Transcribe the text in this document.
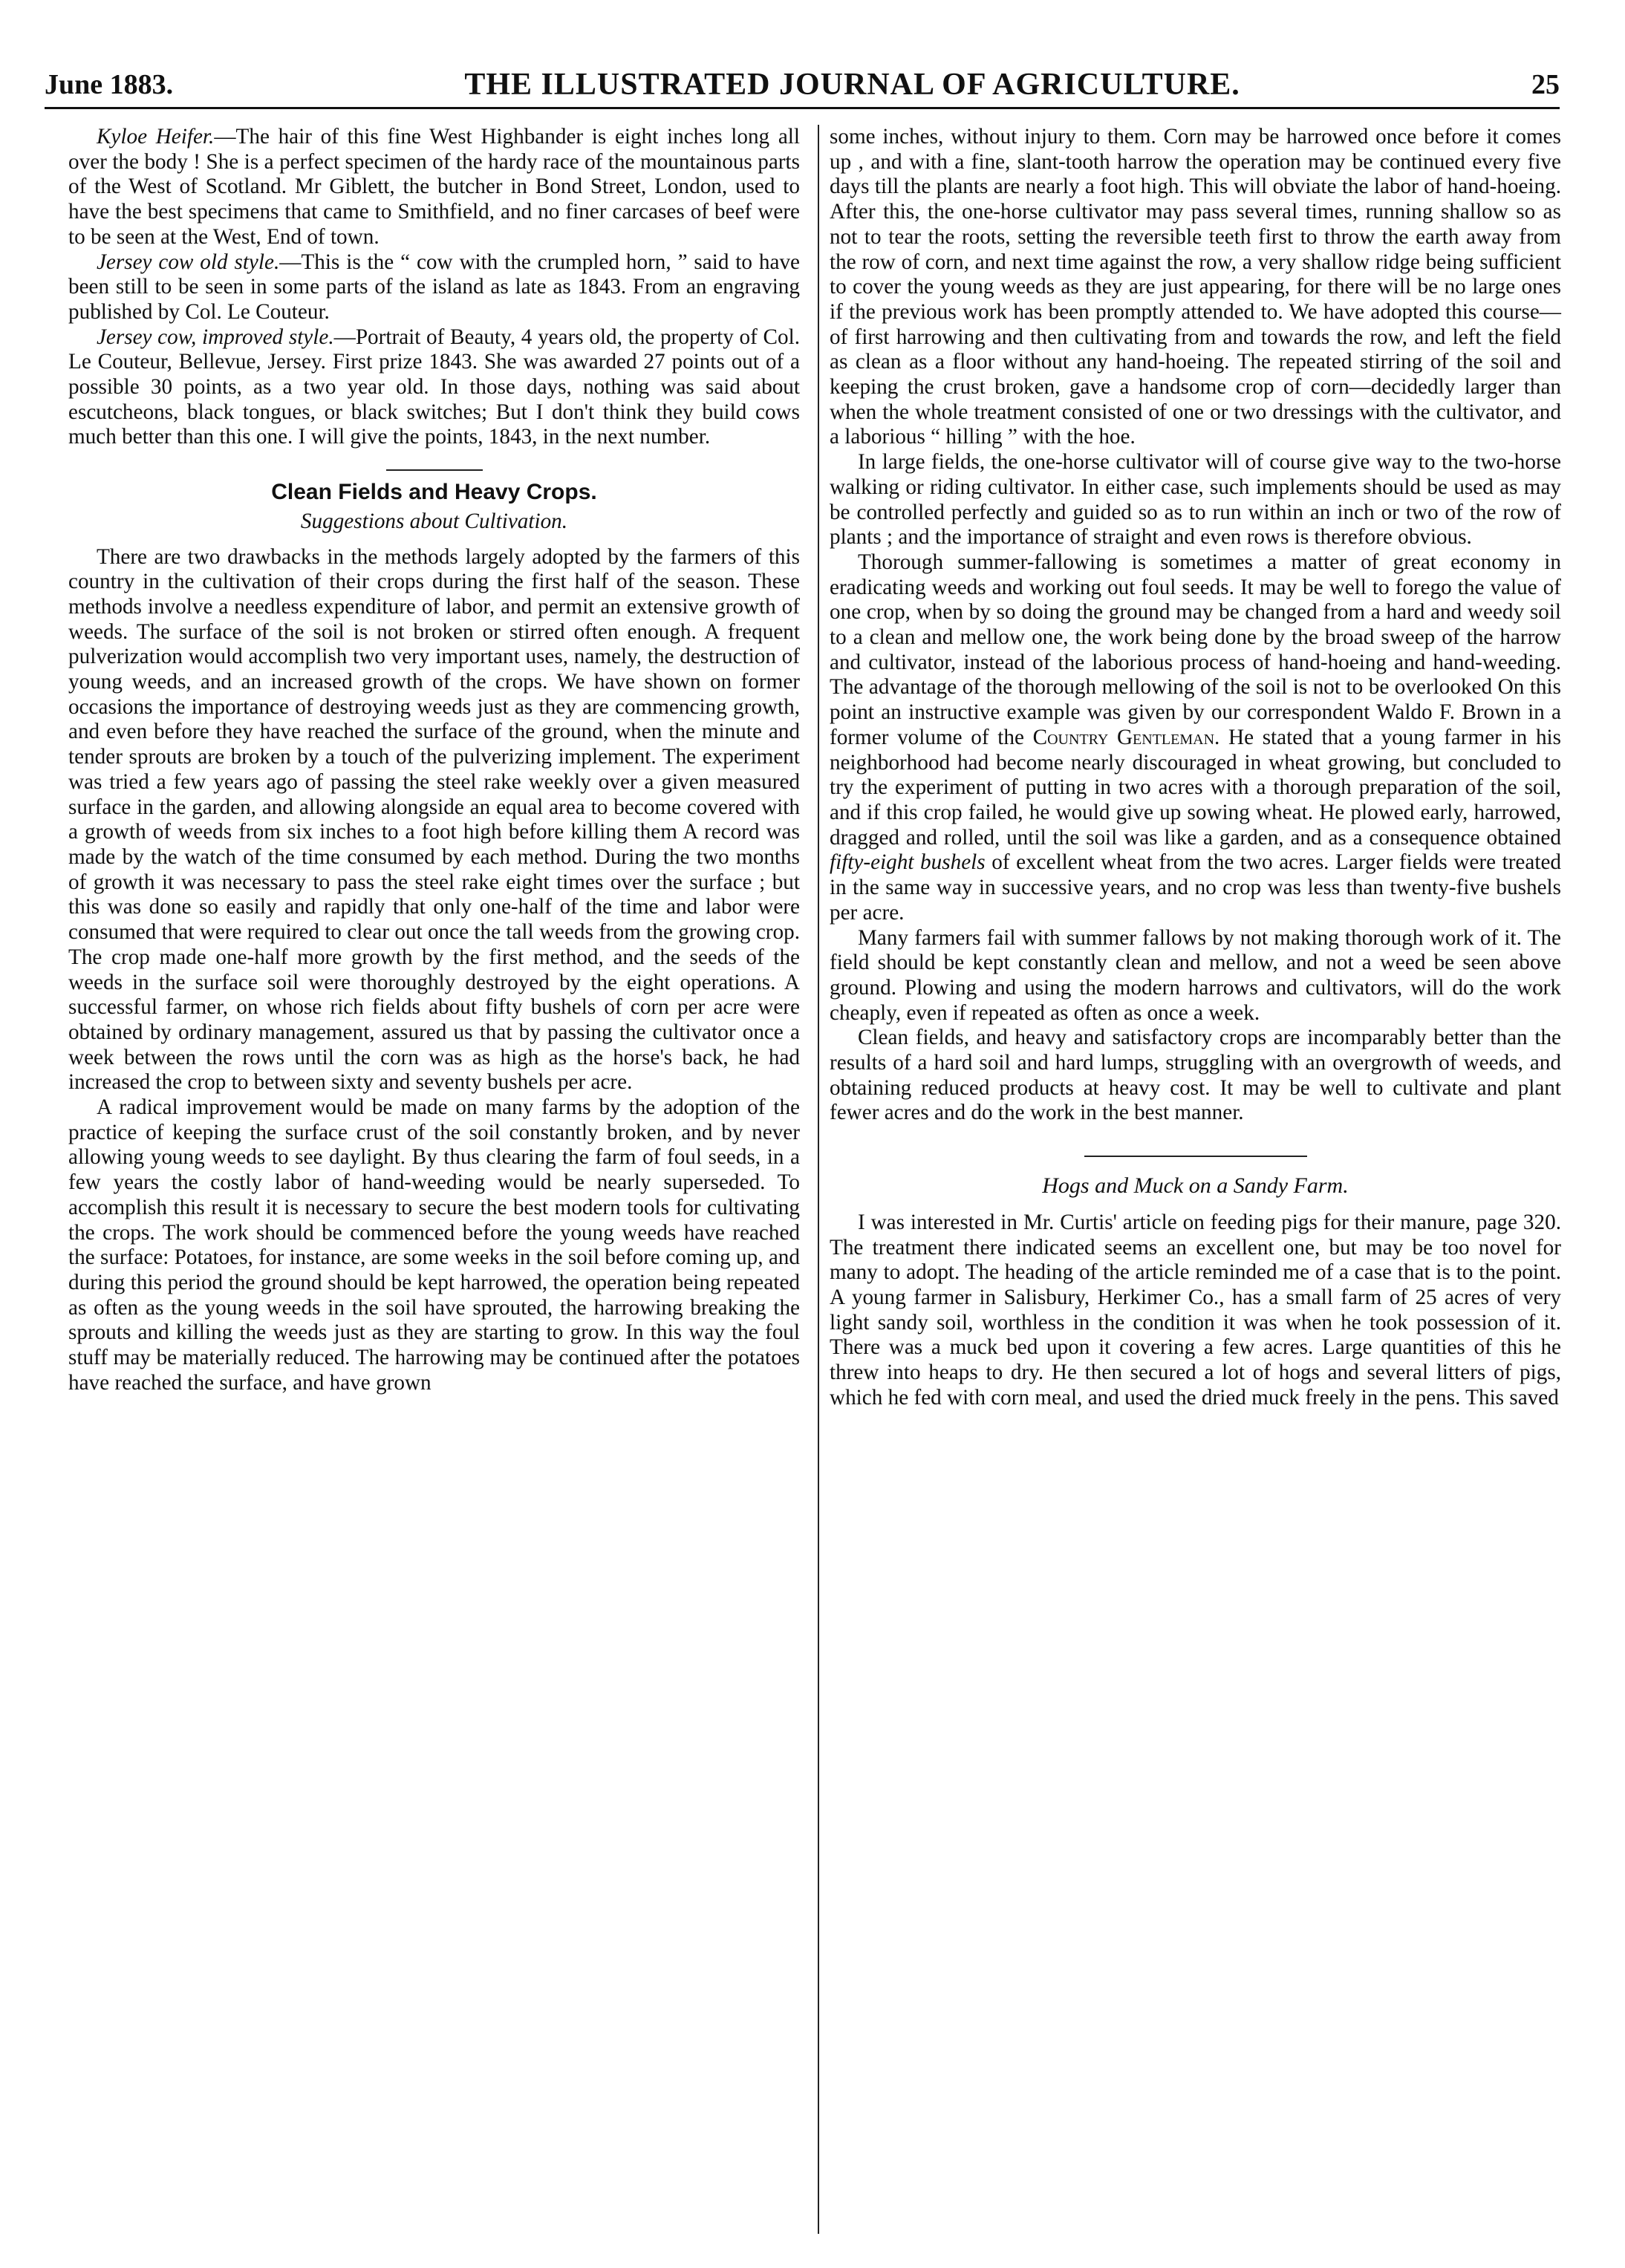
June 1883.	THE ILLUSTRATED JOURNAL OF AGRICULTURE.	25

Kyloe Heifer.—The hair of this fine West Highbander is eight inches long all over the body ! She is a perfect specimen of the hardy race of the mountainous parts of the West of Scotland. Mr Giblett, the butcher in Bond Street, London, used to have the best specimens that came to Smithfield, and no finer carcases of beef were to be seen at the West, End of town.

Jersey cow old style.—This is the “ cow with the crumpled horn, ” said to have been still to be seen in some parts of the island as late as 1843. From an engraving published by Col. Le Couteur.

Jersey cow, improved style.—Portrait of Beauty, 4 years old, the property of Col. Le Couteur, Bellevue, Jersey. First prize 1843. She was awarded 27 points out of a possible 30 points, as a two year old. In those days, nothing was said about escutcheons, black tongues, or black switches; But I don't think they build cows much better than this one. I will give the points, 1843, in the next number.

Clean Fields and Heavy Crops.
Suggestions about Cultivation.

There are two drawbacks in the methods largely adopted by the farmers of this country in the cultivation of their crops during the first half of the season. These methods involve a needless expenditure of labor, and permit an extensive growth of weeds. The surface of the soil is not broken or stirred often enough. A frequent pulverization would accomplish two very important uses, namely, the destruction of young weeds, and an increased growth of the crops. We have shown on former occasions the importance of destroying weeds just as they are commencing growth, and even before they have reached the surface of the ground, when the minute and tender sprouts are broken by a touch of the pulverizing implement. The experiment was tried a few years ago of passing the steel rake weekly over a given measured surface in the garden, and allowing alongside an equal area to become covered with a growth of weeds from six inches to a foot high before killing them A record was made by the watch of the time consumed by each method. During the two months of growth it was necessary to pass the steel rake eight times over the surface ; but this was done so easily and rapidly that only one-half of the time and labor were consumed that were required to clear out once the tall weeds from the growing crop. The crop made one-half more growth by the first method, and the seeds of the weeds in the surface soil were thoroughly destroyed by the eight operations. A successful farmer, on whose rich fields about fifty bushels of corn per acre were obtained by ordinary management, assured us that by passing the cultivator once a week between the rows until the corn was as high as the horse's back, he had increased the crop to between sixty and seventy bushels per acre.

A radical improvement would be made on many farms by the adoption of the practice of keeping the surface crust of the soil constantly broken, and by never allowing young weeds to see daylight. By thus clearing the farm of foul seeds, in a few years the costly labor of hand-weeding would be nearly superseded. To accomplish this result it is necessary to secure the best modern tools for cultivating the crops. The work should be commenced before the young weeds have reached the surface: Potatoes, for instance, are some weeks in the soil before coming up, and during this period the ground should be kept harrowed, the operation being repeated as often as the young weeds in the soil have sprouted, the harrowing breaking the sprouts and killing the weeds just as they are starting to grow. In this way the foul stuff may be materially reduced. The harrowing may be continued after the potatoes have reached the surface, and have grown

some inches, without injury to them. Corn may be harrowed once before it comes up , and with a fine, slant-tooth harrow the operation may be continued every five days till the plants are nearly a foot high. This will obviate the labor of hand-hoeing. After this, the one-horse cultivator may pass several times, running shallow so as not to tear the roots, setting the reversible teeth first to throw the earth away from the row of corn, and next time against the row, a very shallow ridge being sufficient to cover the young weeds as they are just appearing, for there will be no large ones if the previous work has been promptly attended to. We have adopted this course—of first harrowing and then cultivating from and towards the row, and left the field as clean as a floor without any hand-hoeing. The repeated stirring of the soil and keeping the crust broken, gave a handsome crop of corn—decidedly larger than when the whole treatment consisted of one or two dressings with the cultivator, and a laborious “ hilling ” with the hoe.

In large fields, the one-horse cultivator will of course give way to the two-horse walking or riding cultivator. In either case, such implements should be used as may be controlled perfectly and guided so as to run within an inch or two of the row of plants ; and the importance of straight and even rows is therefore obvious.

Thorough summer-fallowing is sometimes a matter of great economy in eradicating weeds and working out foul seeds. It may be well to forego the value of one crop, when by so doing the ground may be changed from a hard and weedy soil to a clean and mellow one, the work being done by the broad sweep of the harrow and cultivator, instead of the laborious process of hand-hoeing and hand-weeding. The advantage of the thorough mellowing of the soil is not to be overlooked On this point an instructive example was given by our correspondent Waldo F. Brown in a former volume of the Country Gentleman. He stated that a young farmer in his neighborhood had become nearly discouraged in wheat growing, but concluded to try the experiment of putting in two acres with a thorough preparation of the soil, and if this crop failed, he would give up sowing wheat. He plowed early, harrowed, dragged and rolled, until the soil was like a garden, and as a consequence obtained fifty-eight bushels of excellent wheat from the two acres. Larger fields were treated in the same way in successive years, and no crop was less than twenty-five bushels per acre.

Many farmers fail with summer fallows by not making thorough work of it. The field should be kept constantly clean and mellow, and not a weed be seen above ground. Plowing and using the modern harrows and cultivators, will do the work cheaply, even if repeated as often as once a week.

Clean fields, and heavy and satisfactory crops are incomparably better than the results of a hard soil and hard lumps, struggling with an overgrowth of weeds, and obtaining reduced products at heavy cost. It may be well to cultivate and plant fewer acres and do the work in the best manner.

Hogs and Muck on a Sandy Farm.

I was interested in Mr. Curtis' article on feeding pigs for their manure, page 320. The treatment there indicated seems an excellent one, but may be too novel for many to adopt. The heading of the article reminded me of a case that is to the point. A young farmer in Salisbury, Herkimer Co., has a small farm of 25 acres of very light sandy soil, worthless in the condition it was when he took possession of it. There was a muck bed upon it covering a few acres. Large quantities of this he threw into heaps to dry. He then secured a lot of hogs and several litters of pigs, which he fed with corn meal, and used the dried muck freely in the pens. This saved
